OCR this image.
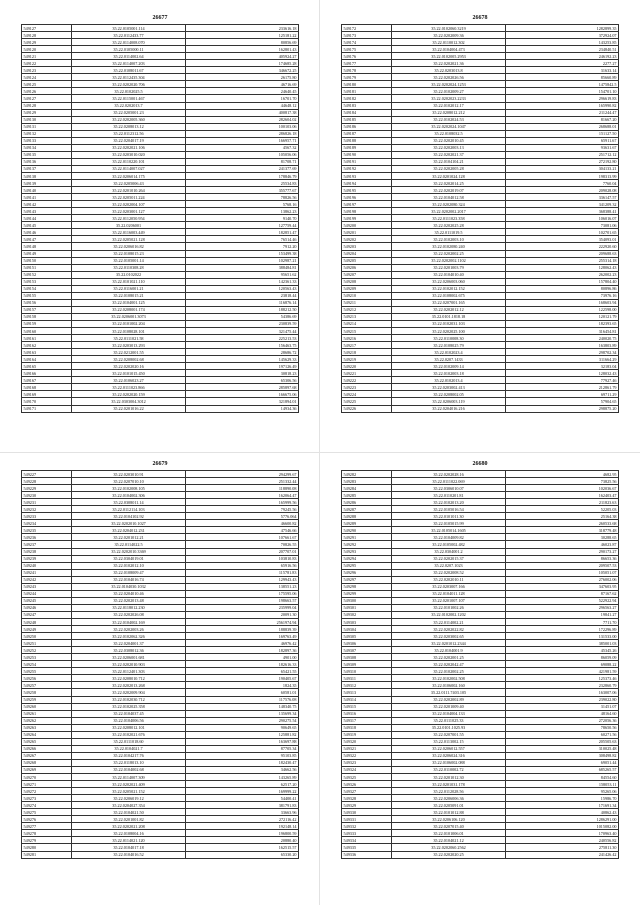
26677
549127	35.22.0105001.114	233616.18
549128	35.22.0112433.77	125181.22
549129	35.22.0114008.070	80856.69
549120	35.22.0105000.11	162801.43
549121	35.22.0114002.64	405924.27
549122	35.22.0114007.203	174685.28
549123	35.22.0108011.67	346672.25
549124	35.22.0112435.304	26175.80
549125	35.22.0202020.706	46716.69
549126	35.22.0102025.5	24640.45
549127	35.22.0115001.467	16701.70
549128	35.22.0202013.7	44648.12
549129	35.22.0205001.23	400817.38
549130	35.22.0202005.360	282604.02
549131	35.22.0208013.12	100103.06
549132	35.22.0112312.56	286826.18
549133	35.22.0204017.19	166957.71
549134	35.22.0202021.106	4567.32
549135	35.22.0203010.020	105056.06
549136	35.22.0110220.101	81708.71
549137	35.22.0114007.027	241377.69
549138	35.22.0206014.175	178846.79
549139	35.22.0205006.43	25534.83
549140	35.22.0201010.264	355777.67
549141	35.22.0205011.224	78826.56
549142	35.22.0202004.107	5768.16
549143	35.22.0203001.127	13862.23
549144	35.22.0112050.954	9140.70
549145	35.22.0206001	127759.44
549146	35.22.0116003.449	182851.47
549147	35.22.0205021.128	76514.46
549148	35.22.0206016.82	7912.20
549149	35.22.0108015.23	153499.38
549150	35.22.0105001.14	102987.21
549151	35.22.0110308.28	388484.81
549152	35.22.0102022	95651.62
549153	35.22.0101021.110	142361.33
549154	35.22.0116001.21	120563.43
549155	35.22.0108015.21	23818.44
549156	35.22.0104001.125	116876.14
549157	35.22.0208001.174	188212.50
549158	35.22.0206001.3073	54386.69
549159	35.22.0101002.204	230839.59
549160	35.22.0108028.101	321475.44
549161	35.22.0111021.58	225213.53
549162	35.22.0203013.293	156463.75
549163	35.22.0212001.55	28686.72
549164	35.22.0208002.68	145629.33
549165	35.22.0202020.16	197126.49
549166	35.22.0101015.450	30818.23
549167	35.22.0106023.27	65306.56
549168	35.22.0111023.866	285897.68
549169	35.22.0202020.159	166675.06
549170	35.22.0303004.3012	321894.01
549171	35.22.0201016.22	14934.36
26678
549172	35.22.0102060.3219	1282899.35
549173	35.22.0202009.36	372924.07
549174	35.22.0110012.302	143253.85
549175	35.22.0104004.473	234840.51
549176	35.22.0102005.2953	246192.23
549177	35.22.0202021.36	2277.27
549178	35.22.0203013.8	31633.14
549179	35.22.0202026.56	85660.89
549180	35.22.0202024.1253	1475842.5
549181	35.22.0102009.27	154701.10
549182	35.22.0202023.2233	296619.83
549183	35.22.0102012.17	165990.82
549184	35.22.0208012.212	211244.47
549185	35.22.0102024.53	81667.20
549186	35.22.0202024.1047	268688.01
549187	35.22.0108032.5	151127.50
549188	35.22.0202010.45	65911.67
549189	35.22.0202003.13	93631.67
549190	35.22.0202021.37	251712.12
549191	35.22.0104104.21	272192.80
549192	35.22.0202005.28	304133.21
549193	35.22.0201024.128	198313.99
549194	35.22.0202014.25	7760.04
549195	35.22.0202019.07	209028.08
549196	35.22.0104012.58	336147.57
549197	35.22.0202080.324	341209.32
549198	35.22.0202002.2017	368388.41
549199	35.22.0111023.358	106016.07
549200	35.22.0202025.28	73081.06
549201	35.22.0111019.5	102701.65
549202	35.22.0102003.10	354093.01
549203	35.22.0102080.240	222920.60
549204	35.22.0202002.25	209688.63
549205	35.22.0202002.1102	255314.18
549206	35.22.0201003.79	128062.43
549207	35.22.0104010.40	262002.23
549208	35.22.0206003.060	157804.40
549209	35.22.0102012.152	80896.86
549210	35.22.0108002.675	73976.16
549211	35.22.0207001.165	168603.94
549212	35.22.0202012.12	122598.00
549213	35.22.0101.1818.18	120121.79
549214	35.22.0102031.103	182393.65
549215	35.22.0202025.100	316454.81
549216	35.22.0110008.30	240020.75
549217	35.22.0108025.79	163803.89
549218	35.22.0102023.4	298702.34
549219	35.22.0207.1433	311664.29
549220	35.22.0102009.14	32183.04
549221	35.22.0102003.18	128032.43
549222	35.22.0102013.4	77927.46
549223	35.22.0203002.413	212861.79
549224	35.22.0208002.05	69711.29
549225	35.22.0206003.119	57904.65
549226	35.22.0204016.216	298875.20
26679
549227	35.22.0203010.91	294299.67
549228	35.22.0207010.10	251332.44
549229	35.22.0102008.105	118890.08
549230	35.22.0104002.306	162064.47
549231	35.22.0308011.14	165999.56
549232	35.22.0112114.103	79245.56
549233	35.22.0104102.92	5776.064
549234	35.22.0202010.1027	46600.82
549235	35.22.0204012.231	47546.66
549236	35.22.0201012.21	107661.67
549237	35.22.0114022.5	70826.55
549238	35.22.0202010.3369	207707.01
549239	35.22.0304019.01	103810.83
549240	35.22.0102012.10	65916.56
549241	35.22.0108009.47	115781.83
549242	35.22.0104016.74	129943.43
549243	35.22.0104030.1032	138551.23
549244	35.22.0204010.46	175595.06
549245	35.22.0202013.48	198663.57
549246	35.22.0118012.230	235999.04
549247	35.22.0202026.08	20091.30
549248	35.22.0104002.169	2561974.94
549249	35.22.0202003.26	188839.39
549250	35.22.0102062.326	169763.49
549251	35.22.0204001.37	46976.42
549252	35.22.0308012.36	182897.36
549253	35.22.0206001.681	4901.00
549254	35.22.0202010.903	182616.33
549255	35.22.0112401.303	65421.55
549256	35.22.0208010.712	190405.67
549257	35.22.0202013.268	1824.35
549258	35.22.0202009.904	60581.01
549259	35.22.0102030.712	117576.08
549260	35.22.0102025.358	148340.75
549261	35.22.0104037.45	135699.34
549262	35.22.0104006.56	290275.54
549263	35.22.0208012.101	90649.65
549264	35.22.0102021.676	125881.82
549265	35.22.0111018.60	163697.88
549266	35.22.0104021.7	87705.34
549267	35.22.0104217.76	95103.85
549268	35.22.0118013.10	182430.47
549269	35.22.0104002.68	34662.56
549270	35.22.0114007.309	143265.89
549271	35.22.0202021.409	62517.20
549272	35.22.0205021.152	169999.22
549273	35.22.0206019.12	54400.41
549274	35.22.0204027.354	381791.83
549275	35.22.0104021.50	33663.96
549276	35.22.0201001.82	272116.42
549277	35.22.0202021.208	192148.14
549278	35.22.0108004.16	196800.59
549279	35.22.0114021.120	20880.40
549280	35.22.0104017.18	162515.57
549281	35.22.0104016.52	65330.20
26680
549282	35.22.0202028.16	4682.95
549283	35.22.0111022.069	73825.56
549284	35.22.0306010.07	102036.67
549285	35.22.0110201.81	162403.47
549286	35.22.0102013.20	211823.63
549287	35.22.0105016.54	52205.03
549288	35.22.0101011.30	25164.38
549289	35.22.0105015.99	260533.68
549290	35.22.0105014.1605	318779.48
549291	35.22.0104009.82	30288.65
549292	35.22.0105002.482	46023.87
549293	35.22.0304001.2	290173.27
549294	35.22.0202015.37	86653.36
549295	35.22.0207.1023	209507.53
549296	35.22.0202008.52	105051.07
549297	35.22.0202010.11	276002.06
549298	35.22.0203007.166	347603.95
549299	35.22.0104011.128	87167.62
549300	35.22.0201007.107	522922.94
549301	35.22.0101002.26	296563.27
549302	35.22.0102002.1202	19841.27
549303	35.22.0114002.21	7711.70
549304	35.22.0202022.82	172296.89
549305	35.22.0203002.65	131533.00
549306	35.22.0201012.2344	385001.03
549307	35.22.0104001.9	45345.26
549308	35.22.0202001.25	86059.09
549309	35.22.0202042.47	69088.22
549310	35.22.0102002.25	421981.59
549311	35.22.0102002.508	125373.46
549312	35.22.0106002.160	232860.79
549313	35.22.0111.7403.105	163007.06
549314	35.22.0202002.89	239022.80
549315	35.22.0201009.40	31451.07
549316	35.22.0104004.133	48164.60
549317	35.22.0111025.33	272056.36
549318	35.22.0101.1025.93	78650.56
549319	35.22.0207001.55	60271.56
549320	35.22.0113002.15	205505.63
549321	35.22.0206012.557	310025.48
549322	35.22.0206024.316	308498.82
549323	35.22.0106002.088	69051.44
549324	35.22.0110002.72	685265.57
549325	35.22.0201012.30	84554.60
549326	35.22.0201031.178	158053.11
549327	35.22.0112028.56	95265.06
549328	35.22.0206006.36	15986.70
549329	35.22.0205091.01	171691.34
549330	35.22.0101012.88	40862.43
549331	35.22.0206106.120	1286291.00
549332	35.22.0207015.40	1015082.00
549333	35.22.0101006.01	170963.40
549334	35.22.0104021.12	240556.82
549335	35.22.0202060.2562	275811.30
549336	35.22.0202020.25	241426.42
